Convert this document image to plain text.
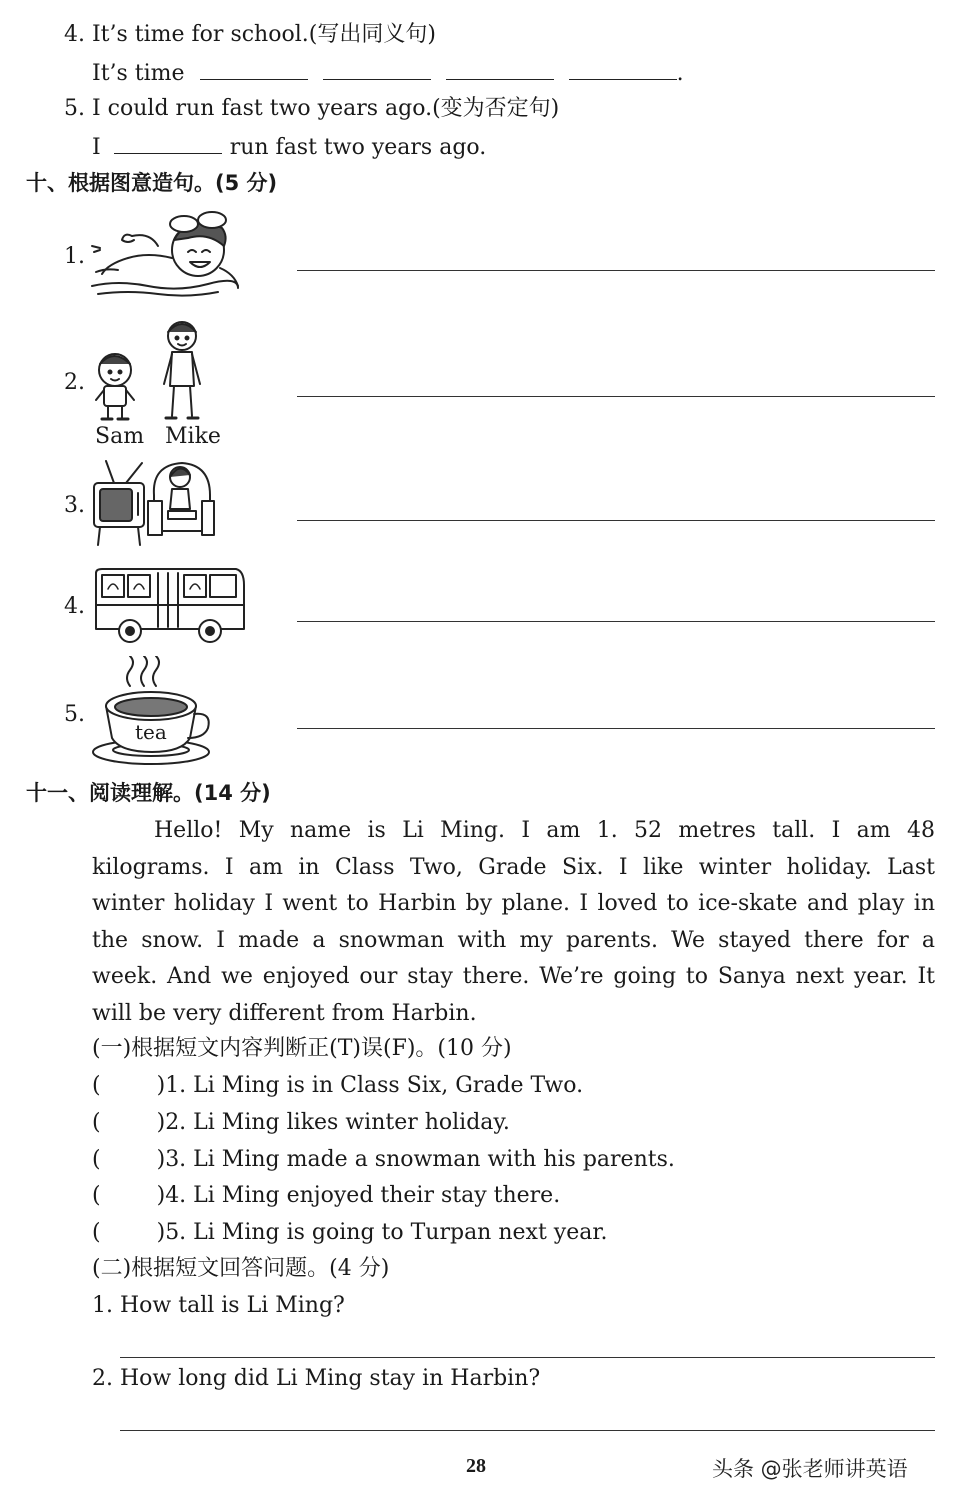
4. It’s time for school.(写出同义句)
It’s time	.
5. I could run fast two years ago.(变为否定句)
I	run fast two years ago.
十、根据图意造句。(5 分)
1.
2.
Sam Mike
3.
4.
5.
tea
十一、阅读理解。(14 分)
Hello! My name is Li Ming. I am 1. 52 metres tall. I am 48
kilograms. I am in Class Two, Grade Six. I like winter holiday. Last
winter holiday I went to Harbin by plane. I loved to ice-skate and play in
the snow. I made a snowman with my parents. We stayed there for a
week. And we enjoyed our stay there. We’re going to Sanya next year. It
will be very different from Harbin.
(一)根据短文内容判断正(T)误(F)。(10 分)
(	)1. Li Ming is in Class Six, Grade Two.
(	)2. Li Ming likes winter holiday.
(	)3. Li Ming made a snowman with his parents.
(	)4. Li Ming enjoyed their stay there.
(	)5. Li Ming is going to Turpan next year.
(二)根据短文回答问题。(4 分)
1. How tall is Li Ming?
2. How long did Li Ming stay in Harbin?
28	头条 @张老师讲英语
